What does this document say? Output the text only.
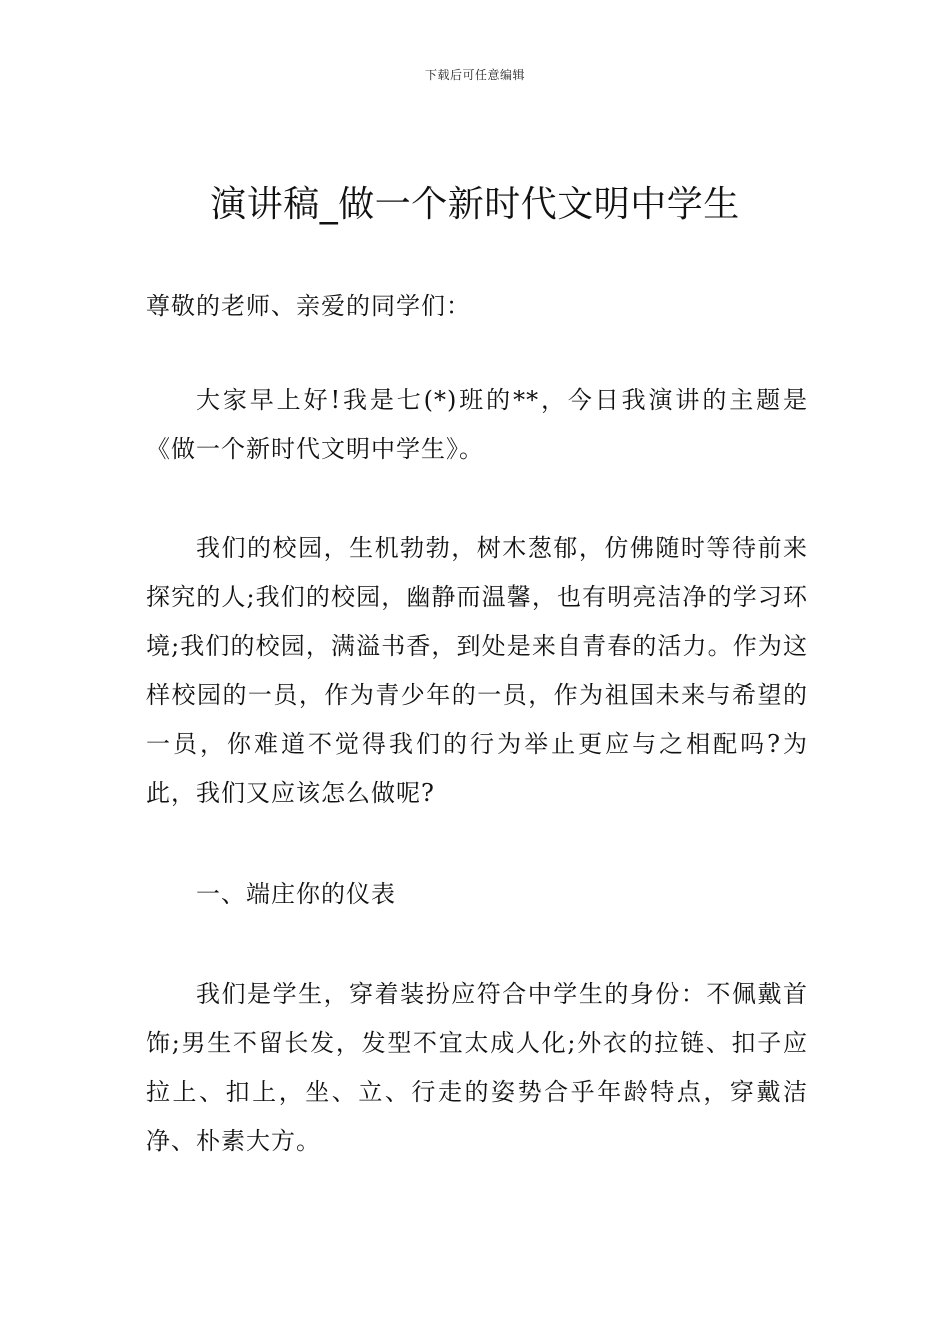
下载后可任意编辑
演讲稿_做一个新时代文明中学生

尊敬的老师、亲爱的同学们：

大家早上好!我是七(*)班的**，今日我演讲的主题是《做一个新时代文明中学生》。

我们的校园，生机勃勃，树木葱郁，仿佛随时等待前来探究的人;我们的校园，幽静而温馨，也有明亮洁净的学习环境;我们的校园，满溢书香，到处是来自青春的活力。作为这样校园的一员，作为青少年的一员，作为祖国未来与希望的一员，你难道不觉得我们的行为举止更应与之相配吗?为此，我们又应该怎么做呢?

一、端庄你的仪表

我们是学生，穿着装扮应符合中学生的身份：不佩戴首饰;男生不留长发，发型不宜太成人化;外衣的拉链、扣子应拉上、扣上，坐、立、行走的姿势合乎年龄特点，穿戴洁净、朴素大方。
